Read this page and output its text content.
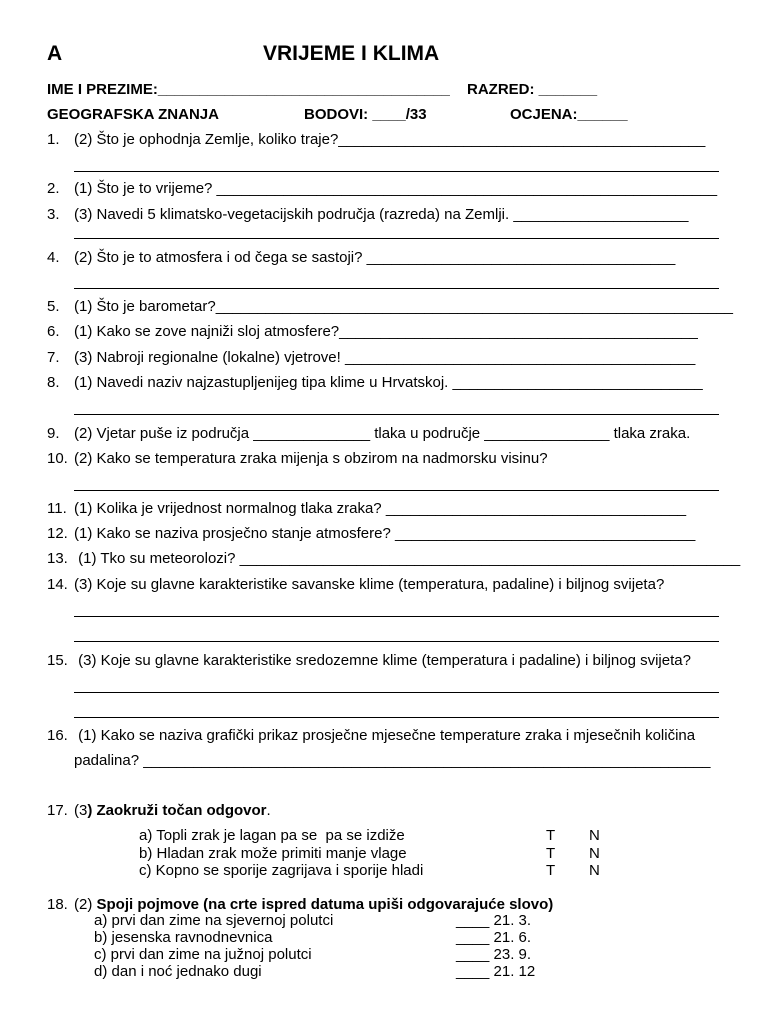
A	VRIJEME I KLIMA
IME I PREZIME:___________________________________ RAZRED: _______
GEOGRAFSKA ZNANJA	BODOVI: ____/33	OCJENA:______
1. (2) Što je ophodnja Zemlje, koliko traje?____________________________________________
2. (1) Što je to vrijeme? ____________________________________________________________
3. (3) Navedi 5 klimatsko-vegetacijskih područja (razreda) na Zemlji. _____________________
4. (2) Što je to atmosfera i od čega se sastoji? _____________________________________
5. (1) Što je barometar?______________________________________________________________
6. (1) Kako se zove najniži sloj atmosfere?___________________________________________
7. (3) Nabroji regionalne (lokalne) vjetrove! __________________________________________
8. (1) Navedi naziv najzastupljenijeg tipa klime u Hrvatskoj. ______________________________
9. (2) Vjetar puše iz područja ______________ tlaka u područje _______________ tlaka zraka.
10. (2) Kako se temperatura zraka mijenja s obzirom na nadmorsku visinu?
11. (1) Kolika je vrijednost normalnog tlaka zraka? ____________________________________
12. (1) Kako se naziva prosječno stanje atmosfere? ____________________________________
13. (1) Tko su meteorolozi? ____________________________________________________________
14. (3) Koje su glavne karakteristike savanske klime (temperatura, padaline) i biljnog svijeta?
15. (3) Koje su glavne karakteristike sredozemne klime (temperatura i padaline) i biljnog svijeta?
16. (1) Kako se naziva grafički prikaz prosječne mjesečne temperature zraka i mjesečnih količina
padalina? ____________________________________________________________________
17. (3) Zaokruži točan odgovor.
a) Topli zrak je lagan pa se  pa se izdiže	T N
b) Hladan zrak može primiti manje vlage	T N
c) Kopno se sporije zagrijava i sporije hladi	T N
18. (2) Spoji pojmove (na crte ispred datuma upiši odgovarajuće slovo)
a) prvi dan zime na sjevernoj polutci	____ 21. 3.
b) jesenska ravnodnevnica	____ 21. 6.
c) prvi dan zime na južnoj polutci	____ 23. 9.
d) dan i noć jednako dugi	____ 21. 12
